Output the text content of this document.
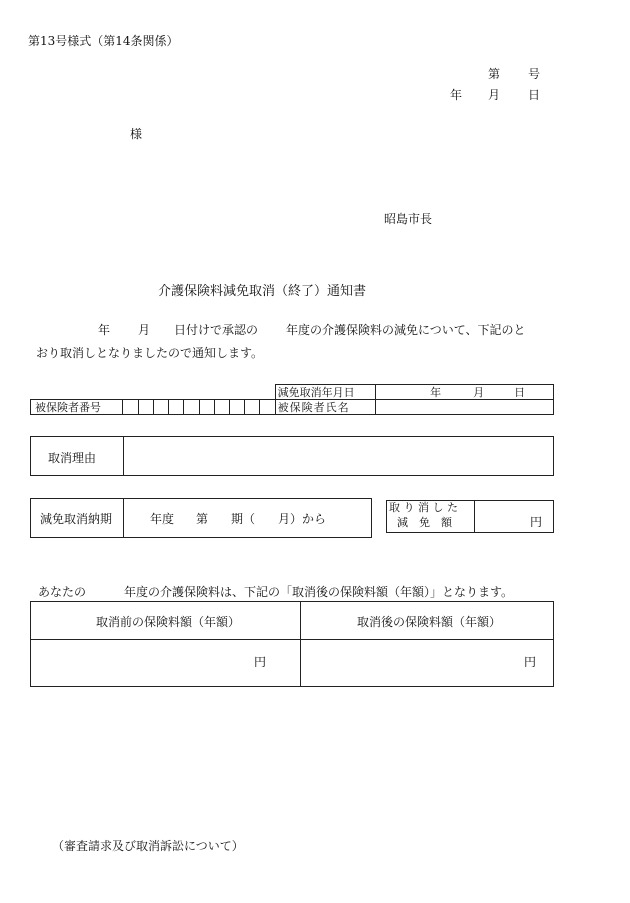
第13号様式（第14条関係）
第 号
年 月 日
様
昭島市長
介護保険料減免取消（終了）通知書
年 月 日付けで承認の 年度の介護保険料の減免について、下記のと
おり取消しとなりましたので通知します。
											減免取消年月日	年 月 日
被保険者番号											被保険者氏名	
取消理由
減免取消納期	年度 第 期（ 月）から
取 り 消 し た
減　免　額	円
あなたの	年度の介護保険料は、下記の「取消後の保険料額（年額）」となります。
取消前の保険料額（年額）	取消後の保険料額（年額）
円	円
（審査請求及び取消訴訟について）
